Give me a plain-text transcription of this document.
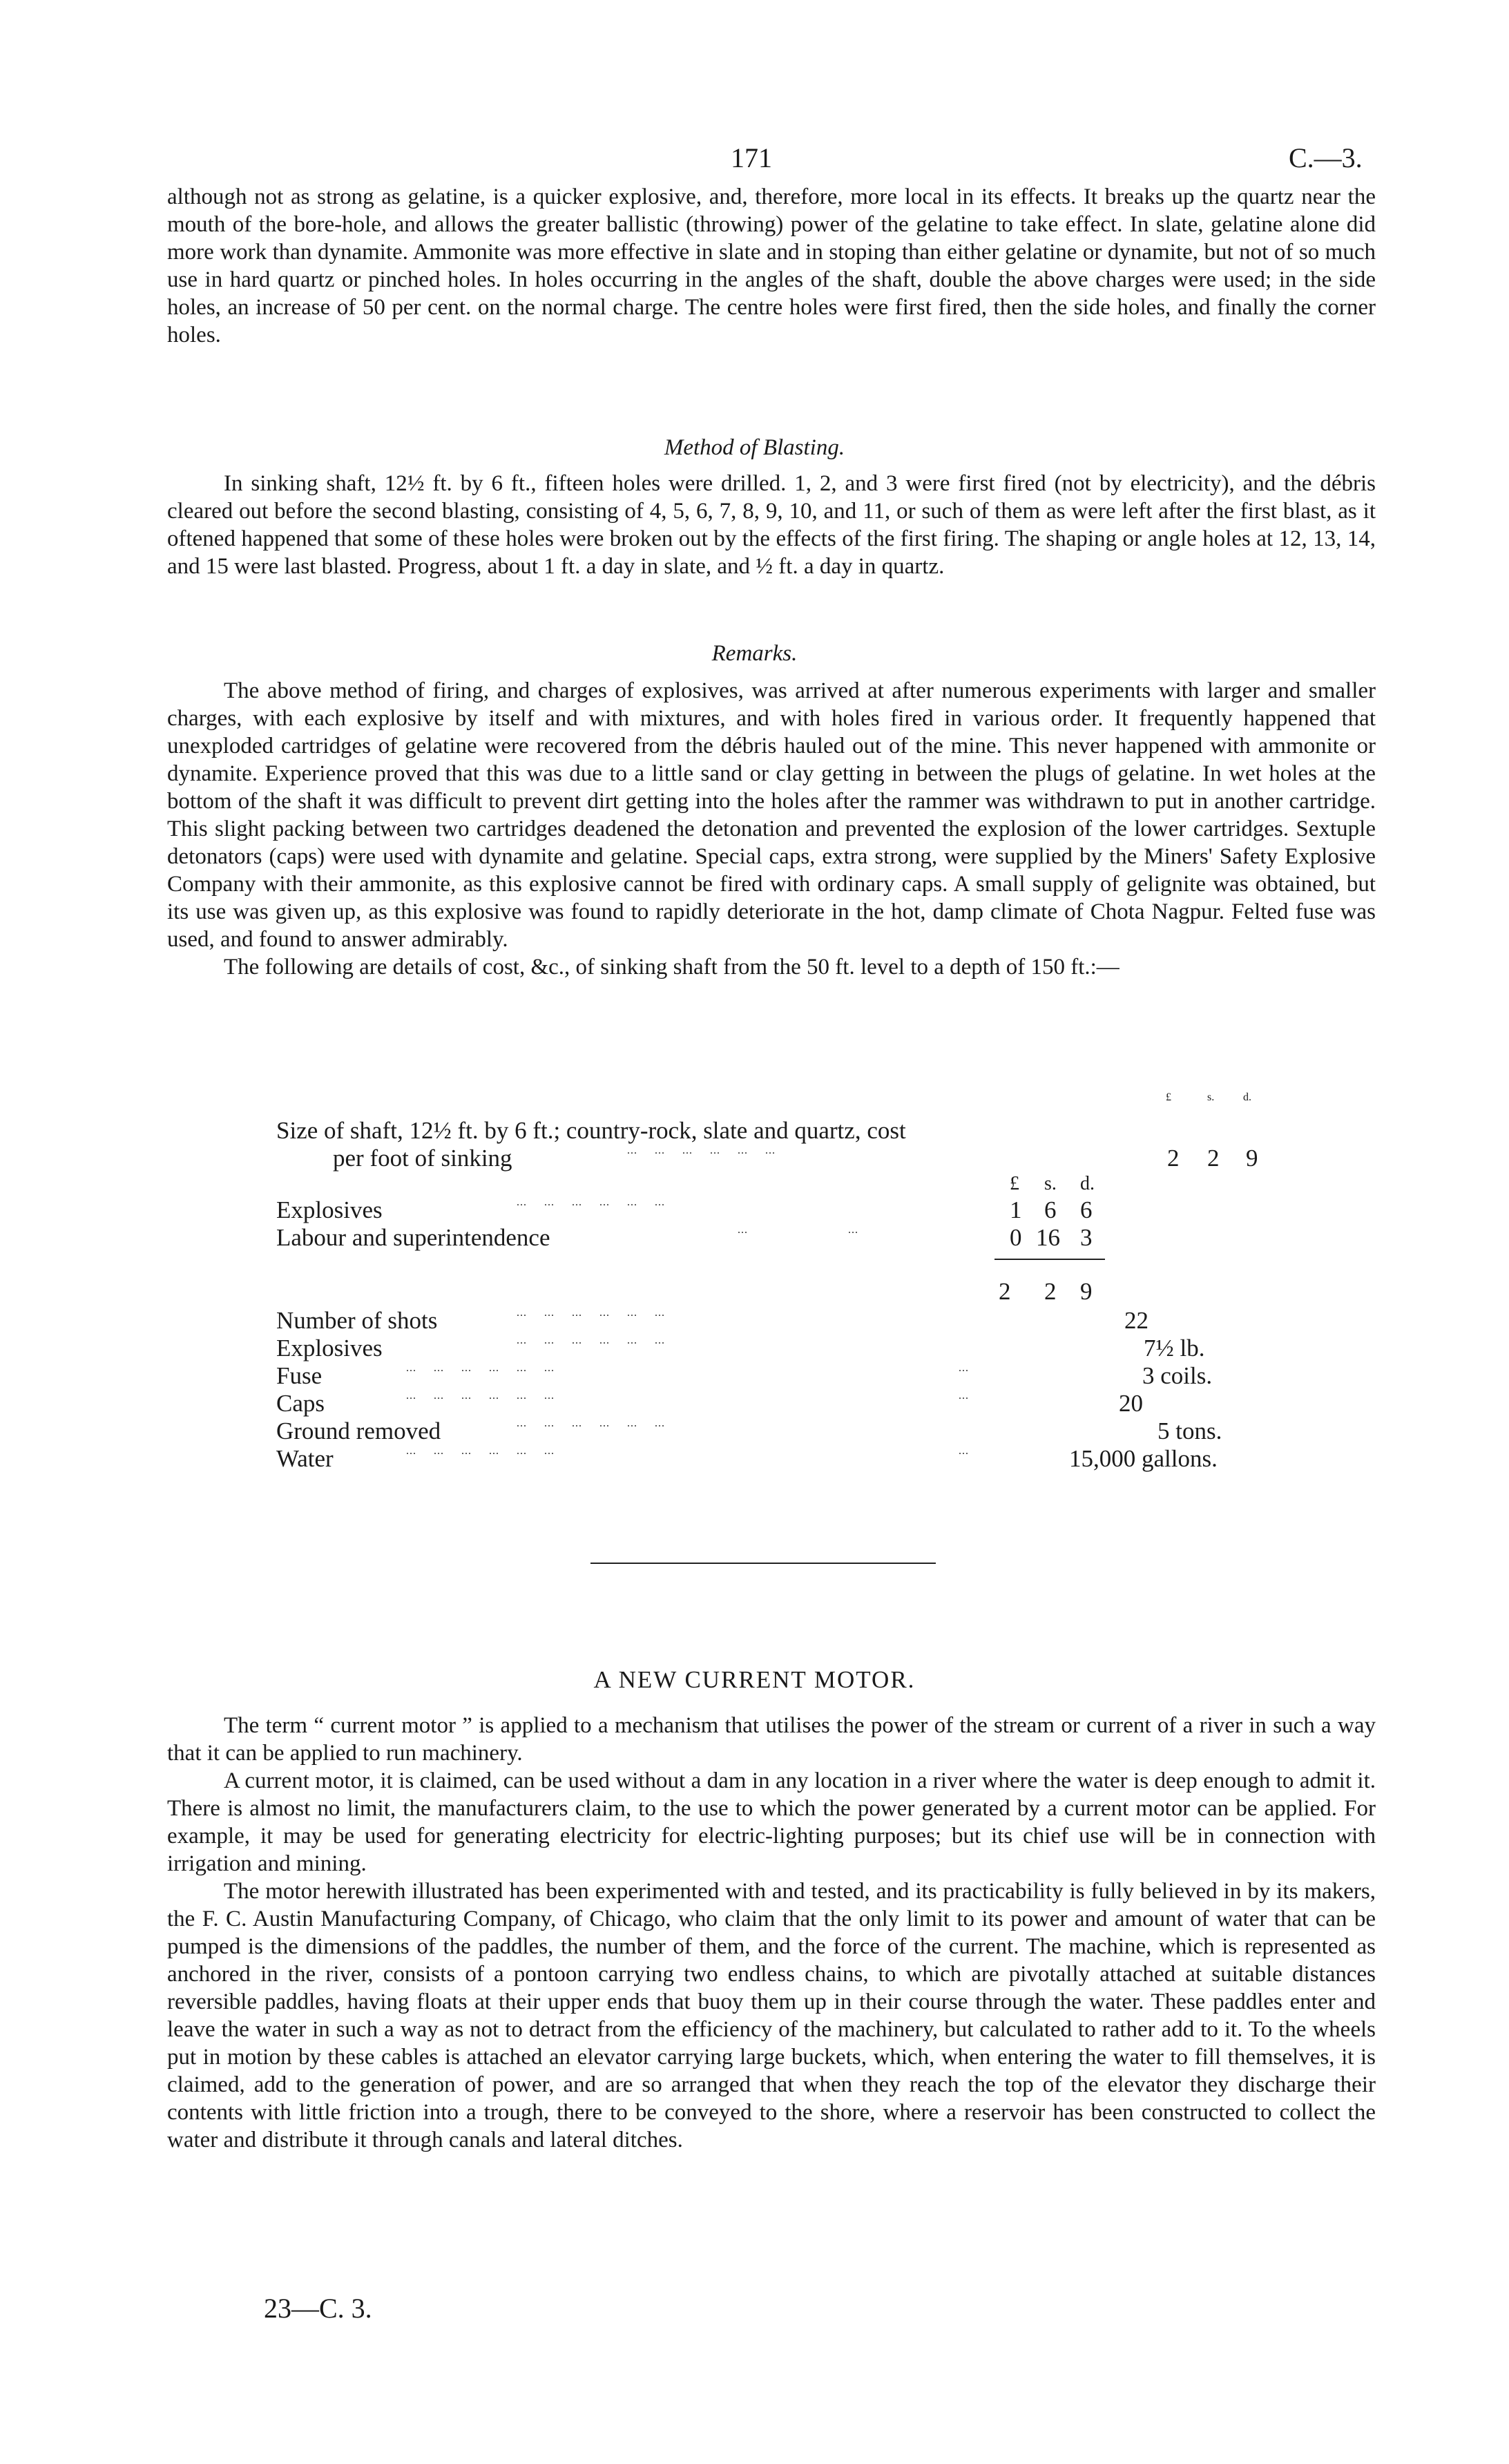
171	C.—3.

although not as strong as gelatine, is a quicker explosive, and, therefore, more local in its effects. It breaks up the quartz near the mouth of the bore-hole, and allows the greater ballistic (throwing) power of the gelatine to take effect. In slate, gelatine alone did more work than dynamite. Ammonite was more effective in slate and in stoping than either gelatine or dynamite, but not of so much use in hard quartz or pinched holes. In holes occurring in the angles of the shaft, double the above charges were used; in the side holes, an increase of 50 per cent. on the normal charge. The centre holes were first fired, then the side holes, and finally the corner holes.

Method of Blasting.

In sinking shaft, 12½ ft. by 6 ft., fifteen holes were drilled. 1, 2, and 3 were first fired (not by electricity), and the débris cleared out before the second blasting, consisting of 4, 5, 6, 7, 8, 9, 10, and 11, or such of them as were left after the first blast, as it oftened happened that some of these holes were broken out by the effects of the first firing. The shaping or angle holes at 12, 13, 14, and 15 were last blasted. Progress, about 1 ft. a day in slate, and ½ ft. a day in quartz.

Remarks.

The above method of firing, and charges of explosives, was arrived at after numerous experiments with larger and smaller charges, with each explosive by itself and with mixtures, and with holes fired in various order. It frequently happened that unexploded cartridges of gelatine were recovered from the débris hauled out of the mine. This never happened with ammonite or dynamite. Experience proved that this was due to a little sand or clay getting in between the plugs of gelatine. In wet holes at the bottom of the shaft it was difficult to prevent dirt getting into the holes after the rammer was withdrawn to put in another cartridge. This slight packing between two cartridges deadened the detonation and prevented the explosion of the lower cartridges. Sextuple detonators (caps) were used with dynamite and gelatine. Special caps, extra strong, were supplied by the Miners' Safety Explosive Company with their ammonite, as this explosive cannot be fired with ordinary caps. A small supply of gelignite was obtained, but its use was given up, as this explosive was found to rapidly deteriorate in the hot, damp climate of Chota Nagpur. Felted fuse was used, and found to answer admirably.

The following are details of cost, &c., of sinking shaft from the 50 ft. level to a depth of 150 ft.:—

£	s.	d.
Size of shaft, 12½ ft. by 6 ft.; country-rock, slate and quartz, cost
per foot of sinking	...     ...     ...     ...     ...     ...	2 2 9
£ s. d.
Explosives	...     ...     ...     ...     ...     ...	1 6 6
Labour and superintendence	...	...	0 16 3
2 2 9
Number of shots	...     ...     ...     ...     ...     ...	22
Explosives	...     ...     ...     ...     ...     ...	7½ lb.
Fuse	...     ...     ...     ...     ...     ...	...	3 coils.
Caps	...     ...     ...     ...     ...     ...	...	20
Ground removed	...     ...     ...     ...     ...     ...	5 tons.
Water	...     ...     ...     ...     ...     ...	...	15,000 gallons.
A NEW CURRENT MOTOR.

The term “ current motor ” is applied to a mechanism that utilises the power of the stream or current of a river in such a way that it can be applied to run machinery.

A current motor, it is claimed, can be used without a dam in any location in a river where the water is deep enough to admit it. There is almost no limit, the manufacturers claim, to the use to which the power generated by a current motor can be applied. For example, it may be used for generating electricity for electric-lighting purposes; but its chief use will be in connection with irrigation and mining.

The motor herewith illustrated has been experimented with and tested, and its practicability is fully believed in by its makers, the F. C. Austin Manufacturing Company, of Chicago, who claim that the only limit to its power and amount of water that can be pumped is the dimensions of the paddles, the number of them, and the force of the current. The machine, which is represented as anchored in the river, consists of a pontoon carrying two endless chains, to which are pivotally attached at suitable distances reversible paddles, having floats at their upper ends that buoy them up in their course through the water. These paddles enter and leave the water in such a way as not to detract from the efficiency of the machinery, but calculated to rather add to it. To the wheels put in motion by these cables is attached an elevator carrying large buckets, which, when entering the water to fill themselves, it is claimed, add to the generation of power, and are so arranged that when they reach the top of the elevator they discharge their contents with little friction into a trough, there to be conveyed to the shore, where a reservoir has been constructed to collect the water and distribute it through canals and lateral ditches.

23—C. 3.
